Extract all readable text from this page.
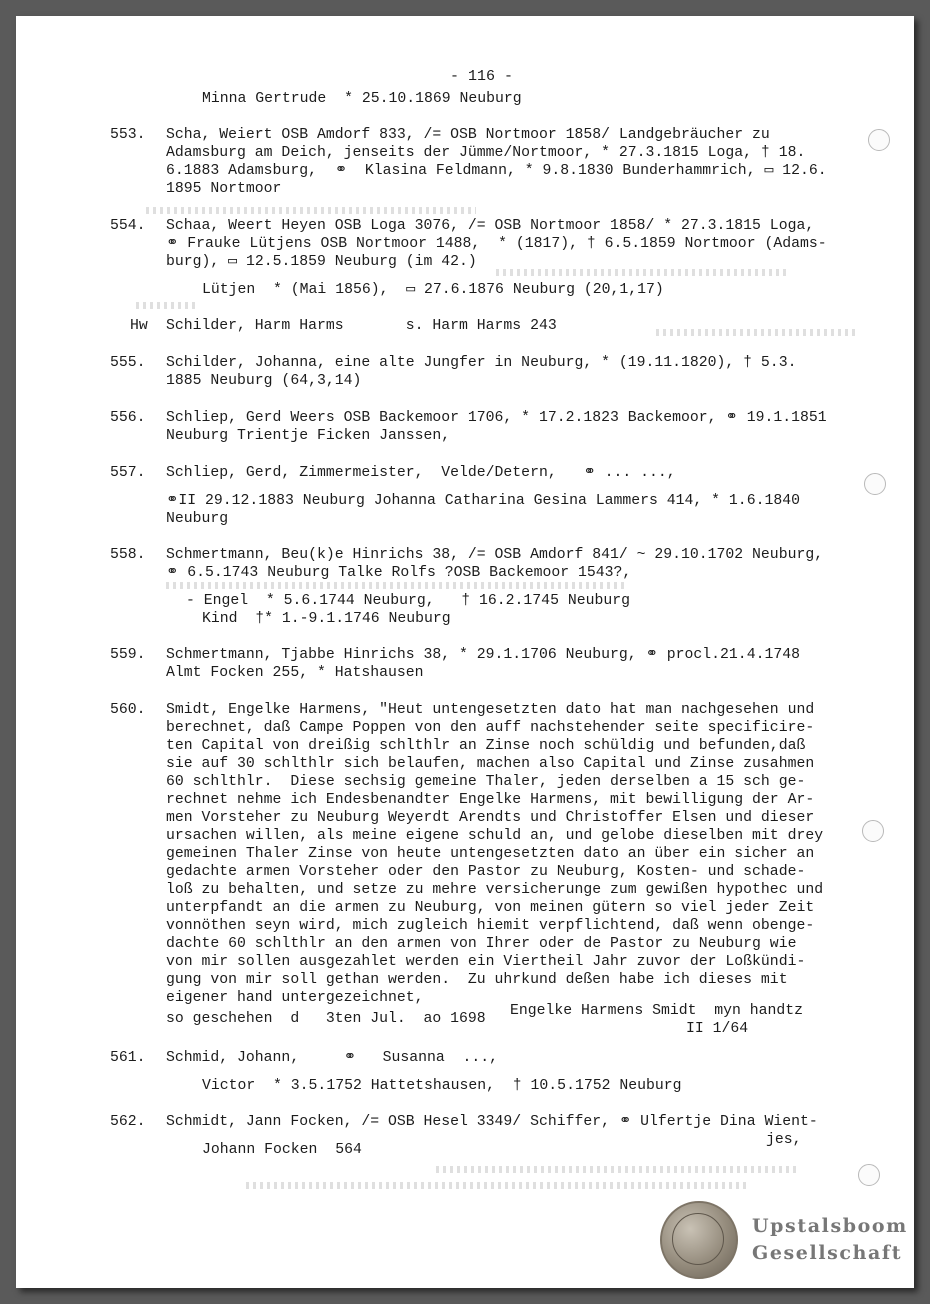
- 116 -
Minna Gertrude  * 25.10.1869 Neuburg
553. Scha, Weiert OSB Amdorf 833, /= OSB Nortmoor 1858/ Landgebräucher zu
Adamsburg am Deich, jenseits der Jümme/Nortmoor, * 27.3.1815 Loga, † 18.
6.1883 Adamsburg,  ⚭  Klasina Feldmann, * 9.8.1830 Bunderhammrich, ▭ 12.6.
1895 Nortmoor
554. Schaa, Weert Heyen OSB Loga 3076, /= OSB Nortmoor 1858/ * 27.3.1815 Loga,
⚭ Frauke Lütjens OSB Nortmoor 1488,  * (1817), † 6.5.1859 Nortmoor (Adams-
burg), ▭ 12.5.1859 Neuburg (im 42.)
Lütjen  * (Mai 1856),  ▭ 27.6.1876 Neuburg (20,1,17)
Hw Schilder, Harm Harms       s. Harm Harms 243
555. Schilder, Johanna, eine alte Jungfer in Neuburg, * (19.11.1820), † 5.3.
1885 Neuburg (64,3,14)
556. Schliep, Gerd Weers OSB Backemoor 1706, * 17.2.1823 Backemoor, ⚭ 19.1.1851
Neuburg Trientje Ficken Janssen,
557. Schliep, Gerd, Zimmermeister,  Velde/Detern,   ⚭ ... ...,
⚭II 29.12.1883 Neuburg Johanna Catharina Gesina Lammers 414, * 1.6.1840
Neuburg
558. Schmertmann, Beu(k)e Hinrichs 38, /= OSB Amdorf 841/ ~ 29.10.1702 Neuburg,
⚭ 6.5.1743 Neuburg Talke Rolfs ?OSB Backemoor 1543?,
- Engel  * 5.6.1744 Neuburg,   † 16.2.1745 Neuburg
Kind  †* 1.-9.1.1746 Neuburg
559. Schmertmann, Tjabbe Hinrichs 38, * 29.1.1706 Neuburg, ⚭ procl.21.4.1748
Almt Focken 255, * Hatshausen
560. Smidt, Engelke Harmens, "Heut untengesetzten dato hat man nachgesehen und
berechnet, daß Campe Poppen von den auff nachstehender seite specificire-
ten Capital von dreißig schlthlr an Zinse noch schüldig und befunden,daß
sie auf 30 schlthlr sich belaufen, machen also Capital und Zinse zusahmen
60 schlthlr.  Diese sechsig gemeine Thaler, jeden derselben a 15 sch ge-
rechnet nehme ich Endesbenandter Engelke Harmens, mit bewilligung der Ar-
men Vorsteher zu Neuburg Weyerdt Arendts und Christoffer Elsen und dieser
ursachen willen, als meine eigene schuld an, und gelobe dieselben mit drey
gemeinen Thaler Zinse von heute untengesetzten dato an über ein sicher an
gedachte armen Vorsteher oder den Pastor zu Neuburg, Kosten- und schade-
loß zu behalten, und setze zu mehre versicherunge zum gewißen hypothec und
unterpfandt an die armen zu Neuburg, von meinen gütern so viel jeder Zeit
vonnöthen seyn wird, mich zugleich hiemit verpflichtend, daß wenn obenge-
dachte 60 schlthlr an den armen von Ihrer oder de Pastor zu Neuburg wie
von mir sollen ausgezahlet werden ein Viertheil Jahr zuvor der Loßkündi-
gung von mir soll gethan werden.  Zu uhrkund deßen habe ich dieses mit
eigener hand untergezeichnet,
so geschehen  d   3ten Jul.  ao 1698 Engelke Harmens Smidt  myn handtz
II 1/64
561. Schmid, Johann,     ⚭   Susanna  ...,
Victor  * 3.5.1752 Hattetshausen,  † 10.5.1752 Neuburg
562. Schmidt, Jann Focken, /= OSB Hesel 3349/ Schiffer, ⚭ Ulfertje Dina Wient-
jes,
Johann Focken  564
Upstalsboom
Gesellschaft
